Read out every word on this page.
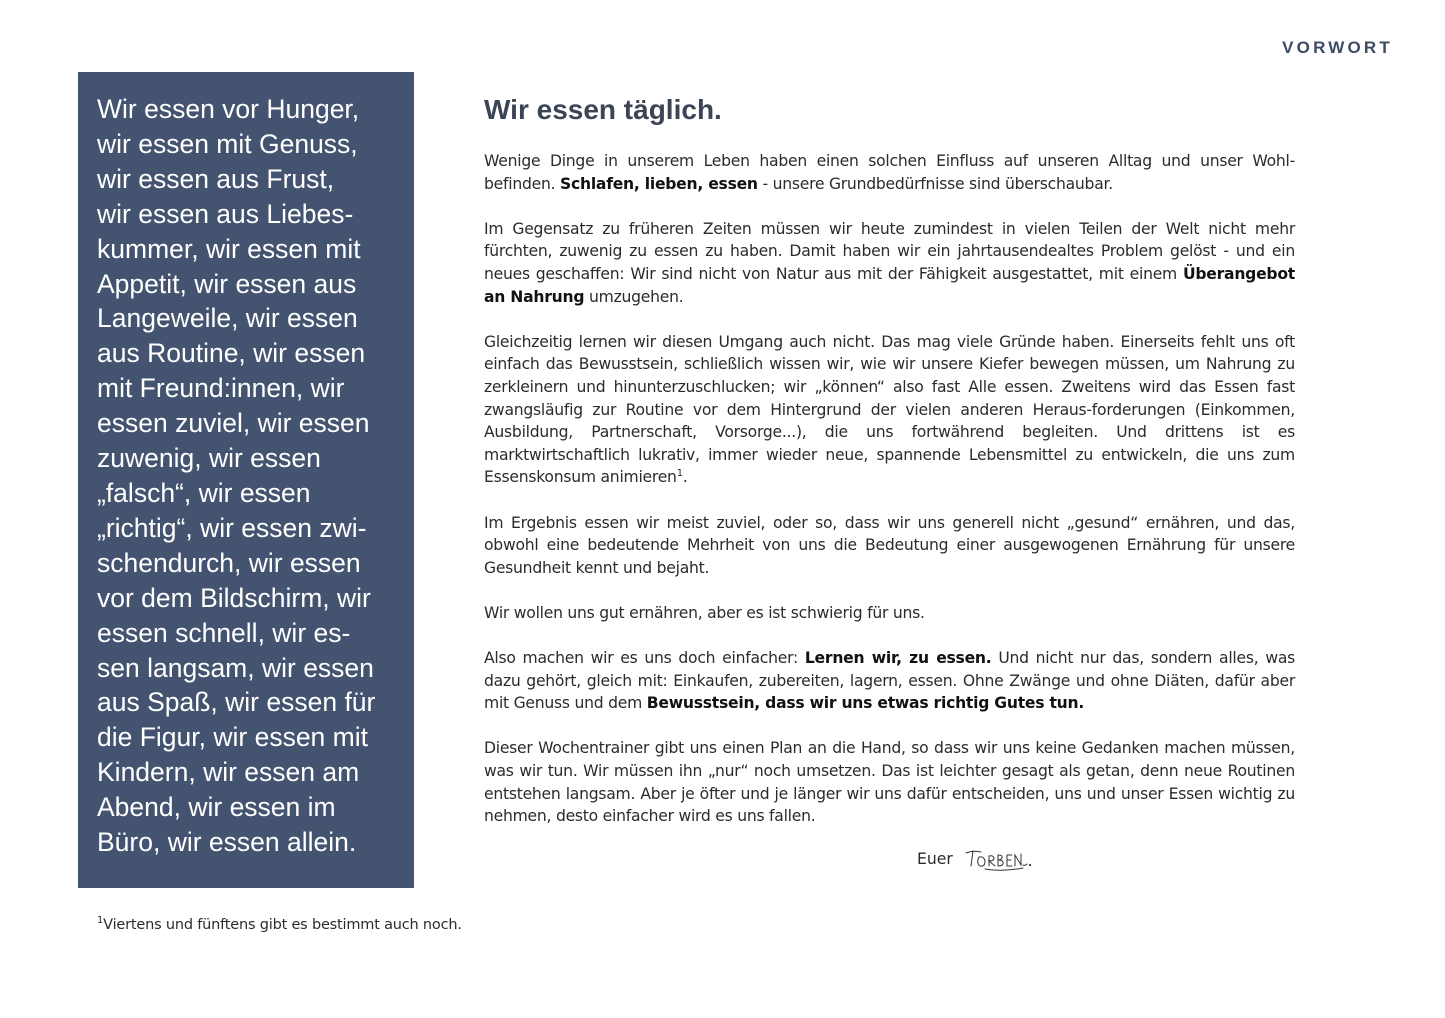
VORWORT
Wir essen vor Hunger,
wir essen mit Genuss,
wir essen aus Frust,
wir essen aus Liebes-
kummer, wir essen mit
Appetit, wir essen aus
Langeweile, wir essen
aus Routine, wir essen
mit Freund:innen, wir
essen zuviel, wir essen
zuwenig, wir essen
„falsch“, wir essen
„richtig“, wir essen zwi-
schendurch, wir essen
vor dem Bildschirm, wir
essen schnell, wir es-
sen langsam, wir essen
aus Spaß, wir essen für
die Figur, wir essen mit
Kindern, wir essen am
Abend, wir essen im
Büro, wir essen allein.
Wir essen täglich.

Wenige Dinge in unserem Leben haben einen solchen Einfluss auf unseren Alltag und unser Wohl-befinden. Schlafen, lieben, essen - unsere Grundbedürfnisse sind überschaubar.

Im Gegensatz zu früheren Zeiten müssen wir heute zumindest in vielen Teilen der Welt nicht mehr fürchten, zuwenig zu essen zu haben. Damit haben wir ein jahrtausendealtes Problem gelöst - und ein neues geschaffen: Wir sind nicht von Natur aus mit der Fähigkeit ausgestattet, mit einem Überangebot an Nahrung umzugehen.

Gleichzeitig lernen wir diesen Umgang auch nicht. Das mag viele Gründe haben. Einerseits fehlt uns oft einfach das Bewusstsein, schließlich wissen wir, wie wir unsere Kiefer bewegen müssen, um Nahrung zu zerkleinern und hinunterzuschlucken; wir „können“ also fast Alle essen. Zweitens wird das Essen fast zwangsläufig zur Routine vor dem Hintergrund der vielen anderen Heraus-forderungen (Einkommen, Ausbildung, Partnerschaft, Vorsorge...), die uns fortwährend begleiten. Und drittens ist es marktwirtschaftlich lukrativ, immer wieder neue, spannende Lebensmittel zu entwickeln, die uns zum Essenskonsum animieren$^1$.

Im Ergebnis essen wir meist zuviel, oder so, dass wir uns generell nicht „gesund“ ernähren, und das, obwohl eine bedeutende Mehrheit von uns die Bedeutung einer ausgewogenen Ernährung für unsere Gesundheit kennt und bejaht.

Wir wollen uns gut ernähren, aber es ist schwierig für uns.

Also machen wir es uns doch einfacher: Lernen wir, zu essen. Und nicht nur das, sondern alles, was dazu gehört, gleich mit: Einkaufen, zubereiten, lagern, essen. Ohne Zwänge und ohne Diäten, dafür aber mit Genuss und dem Bewusstsein, dass wir uns etwas richtig Gutes tun.

Dieser Wochentrainer gibt uns einen Plan an die Hand, so dass wir uns keine Gedanken machen müssen, was wir tun. Wir müssen ihn „nur“ noch umsetzen. Das ist leichter gesagt als getan, denn neue Routinen entstehen langsam. Aber je öfter und je länger wir uns dafür entscheiden, uns und unser Essen wichtig zu nehmen, desto einfacher wird es uns fallen.

Euer
$^1$Viertens und fünftens gibt es bestimmt auch noch.
